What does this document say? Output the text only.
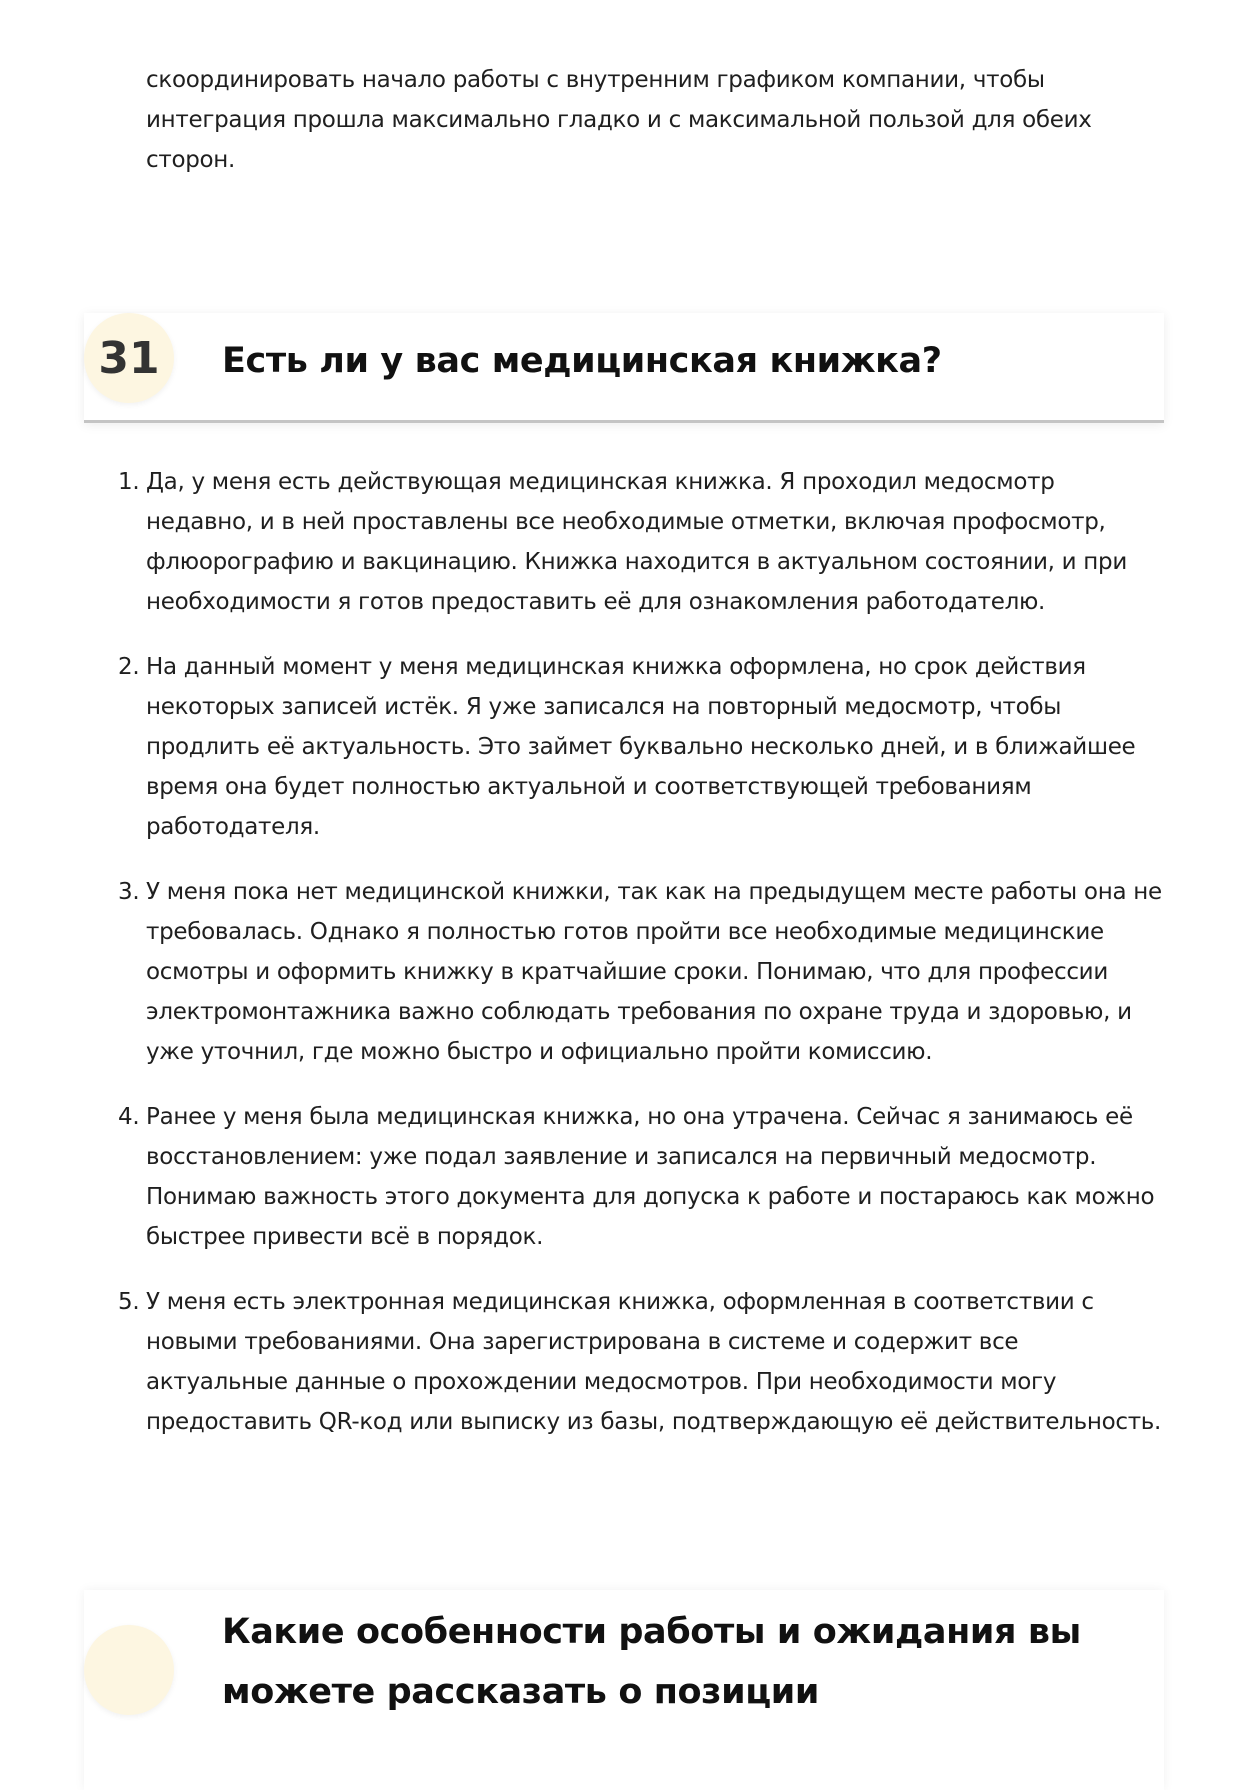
скоординировать начало работы с внутренним графиком компании, чтобы интеграция прошла максимально гладко и с максимальной пользой для обеих сторон.

31	Есть ли у вас медицинская книжка?
1. Да, у меня есть действующая медицинская книжка. Я проходил медосмотр недавно, и в ней проставлены все необходимые отметки, включая профосмотр, флюорографию и вакцинацию. Книжка находится в актуальном состоянии, и при необходимости я готов предоставить её для ознакомления работодателю.
2. На данный момент у меня медицинская книжка оформлена, но срок действия некоторых записей истёк. Я уже записался на повторный медосмотр, чтобы продлить её актуальность. Это займет буквально несколько дней, и в ближайшее время она будет полностью актуальной и соответствующей требованиям работодателя.
3. У меня пока нет медицинской книжки, так как на предыдущем месте работы она не требовалась. Однако я полностью готов пройти все необходимые медицинские осмотры и оформить книжку в кратчайшие сроки. Понимаю, что для профессии электромонтажника важно соблюдать требования по охране труда и здоровью, и уже уточнил, где можно быстро и официально пройти комиссию.
4. Ранее у меня была медицинская книжка, но она утрачена. Сейчас я занимаюсь её восстановлением: уже подал заявление и записался на первичный медосмотр. Понимаю важность этого документа для допуска к работе и постараюсь как можно быстрее привести всё в порядок.
5. У меня есть электронная медицинская книжка, оформленная в соответствии с новыми требованиями. Она зарегистрирована в системе и содержит все актуальные данные о прохождении медосмотров. При необходимости могу предоставить QR-код или выписку из базы, подтверждающую её действительность.
Какие особенности работы и ожидания вы можете рассказать о позиции
